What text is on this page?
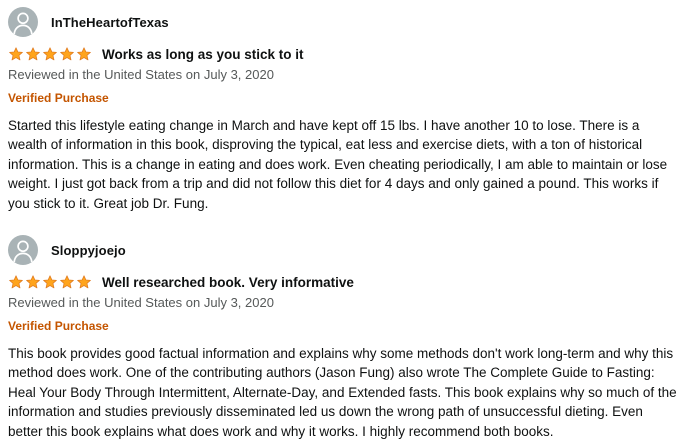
InTheHeartofTexas
Works as long as you stick to it
Reviewed in the United States on July 3, 2020
Verified Purchase
Started this lifestyle eating change in March and have kept off 15 lbs. I have another 10 to lose. There is a wealth of information in this book, disproving the typical, eat less and exercise diets, with a ton of historical information. This is a change in eating and does work. Even cheating periodically, I am able to maintain or lose weight. I just got back from a trip and did not follow this diet for 4 days and only gained a pound. This works if you stick to it. Great job Dr. Fung.
Sloppyjoejo
Well researched book. Very informative
Reviewed in the United States on July 3, 2020
Verified Purchase
This book provides good factual information and explains why some methods don't work long-term and why this method does work. One of the contributing authors (Jason Fung) also wrote The Complete Guide to Fasting: Heal Your Body Through Intermittent, Alternate-Day, and Extended fasts. This book explains why so much of the information and studies previously disseminated led us down the wrong path of unsuccessful dieting. Even better this book explains what does work and why it works. I highly recommend both books.
